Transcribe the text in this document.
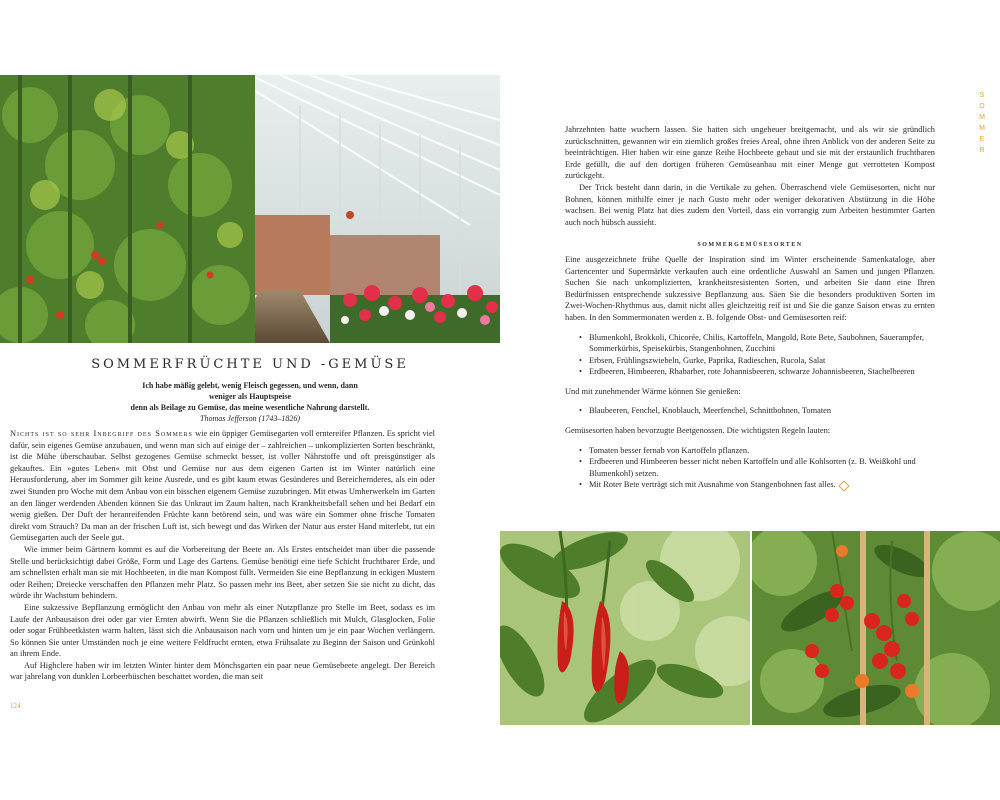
SOMMERFRÜCHTE UND -GEMÜSE
Ich habe mäßig gelebt, wenig Fleisch gegessen, und wenn, dann weniger als Hauptspeise
denn als Beilage zu Gemüse, das meine wesentliche Nahrung darstellt.
Thomas Jefferson (1743–1826)

Nichts ist so sehr Inbegriff des Sommers wie ein üppiger Gemüsegarten voll erntereifer Pflanzen. Es spricht viel dafür, sein eigenes Gemüse anzubauen, und wenn man sich auf einige der – zahlreichen – unkomplizierten Sorten beschränkt, ist die Mühe überschaubar. Selbst gezogenes Gemüse schmeckt besser, ist voller Nährstoffe und oft preisgünstiger als gekauftes. Ein »gutes Leben« mit Obst und Gemüse nur aus dem eigenen Garten ist im Winter natürlich eine Herausforderung, aber im Sommer gilt keine Ausrede, und es gibt kaum etwas Gesünderes und Bereichernderes, als ein oder zwei Stunden pro Woche mit dem Anbau von ein bisschen eigenem Gemüse zuzubringen. Mit etwas Umherwerkeln im Garten an den länger werdenden Abenden können Sie das Unkraut im Zaum halten, nach Krankheitsbefall sehen und bei Bedarf ein wenig gießen. Der Duft der heranreifenden Früchte kann betörend sein, und was wäre ein Sommer ohne frische Tomaten direkt vom Strauch? Da man an der frischen Luft ist, sich bewegt und das Wirken der Natur aus erster Hand miterlebt, tut ein Gemüsegarten auch der Seele gut.

Wie immer beim Gärtnern kommt es auf die Vorbereitung der Beete an. Als Erstes entscheidet man über die passende Stelle und berücksichtigt dabei Größe, Form und Lage des Gartens. Gemüse benötigt eine tiefe Schicht fruchtbarer Erde, und am schnellsten erhält man sie mit Hochbeeten, in die man Kompost füllt. Vermeiden Sie eine Bepflanzung in eckigen Mustern oder Reihen; Dreiecke verschaffen den Pflanzen mehr Platz. So passen mehr ins Beet, aber setzen Sie sie nicht zu dicht, das würde ihr Wachstum behindern.

Eine sukzessive Bepflanzung ermöglicht den Anbau von mehr als einer Nutzpflanze pro Stelle im Beet, sodass es im Laufe der Anbausaison drei oder gar vier Ernten abwirft. Wenn Sie die Pflanzen schließlich mit Mulch, Glasglocken, Folie oder sogar Frühbeetkästen warm halten, lässt sich die Anbausaison nach vorn und hinten um je ein paar Wochen verlängern. So können Sie unter Umständen noch je eine weitere Feldfrucht ernten, etwa Frühsalate zu Beginn der Saison und Grünkohl an ihrem Ende.

Auf Highclere haben wir im letzten Winter hinter dem Mönchsgarten ein paar neue Gemüsebeete angelegt. Der Bereich war jahrelang von dunklen Lorbeerbüschen beschattet worden, die man seit

124

Jahrzehnten hatte wuchern lassen. Sie hatten sich ungeheuer breitgemacht, und als wir sie gründlich zurückschnitten, gewannen wir ein ziemlich großes freies Areal, ohne ihren Anblick von der anderen Seite zu beeinträchtigen. Hier haben wir eine ganze Reihe Hochbeete gebaut und sie mit der erstaunlich fruchtbaren Erde gefüllt, die auf den dortigen früheren Gemüseanbau mit einer Menge gut verrotteten Kompost zurückgeht.

Der Trick besteht dann darin, in die Vertikale zu gehen. Überraschend viele Gemüsesorten, nicht nur Bohnen, können mithilfe einer je nach Gusto mehr oder weniger dekorativen Abstützung in die Höhe wachsen. Bei wenig Platz hat dies zudem den Vorteil, dass ein vorrangig zum Arbeiten bestimmter Garten auch noch hübsch aussieht.

SOMMERGEMÜSESORTEN

Eine ausgezeichnete frühe Quelle der Inspiration sind im Winter erscheinende Samenkataloge, aber Gartencenter und Supermärkte verkaufen auch eine ordentliche Auswahl an Samen und jungen Pflanzen. Suchen Sie nach unkomplizierten, krankheitsresistenten Sorten, und arbeiten Sie dann eine Ihren Bedürfnissen entsprechende sukzessive Bepflanzung aus. Säen Sie die besonders produktiven Sorten im Zwei-Wochen-Rhythmus aus, damit nicht alles gleichzeitig reif ist und Sie die ganze Saison etwas zu ernten haben. In den Sommermonaten werden z. B. folgende Obst- und Gemüsesorten reif:

• Blumenkohl, Brokkoli, Chicorée, Chilis, Kartoffeln, Mangold, Rote Bete, Saubohnen, Sauerampfer, Sommerkürbis, Speisekürbis, Stangenbohnen, Zucchini
• Erbsen, Frühlingszwiebeln, Gurke, Paprika, Radieschen, Rucola, Salat
• Erdbeeren, Himbeeren, Rhabarber, rote Johannisbeeren, schwarze Johannisbeeren, Stachelbeeren

Und mit zunehmender Wärme können Sie genießen:

• Blaubeeren, Fenchel, Knoblauch, Meerfenchel, Schnittbohnen, Tomaten

Gemüsesorten haben bevorzugte Beetgenossen. Die wichtigsten Regeln lauten:

• Tomaten besser fernab von Kartoffeln pflanzen.
• Erdbeeren und Himbeeren besser nicht neben Kartoffeln und alle Kohlsorten (z. B. Weißkohl und Blumenkohl) setzen.
• Mit Roter Bete verträgt sich mit Ausnahme von Stangenbohnen fast alles.
SOMMER
